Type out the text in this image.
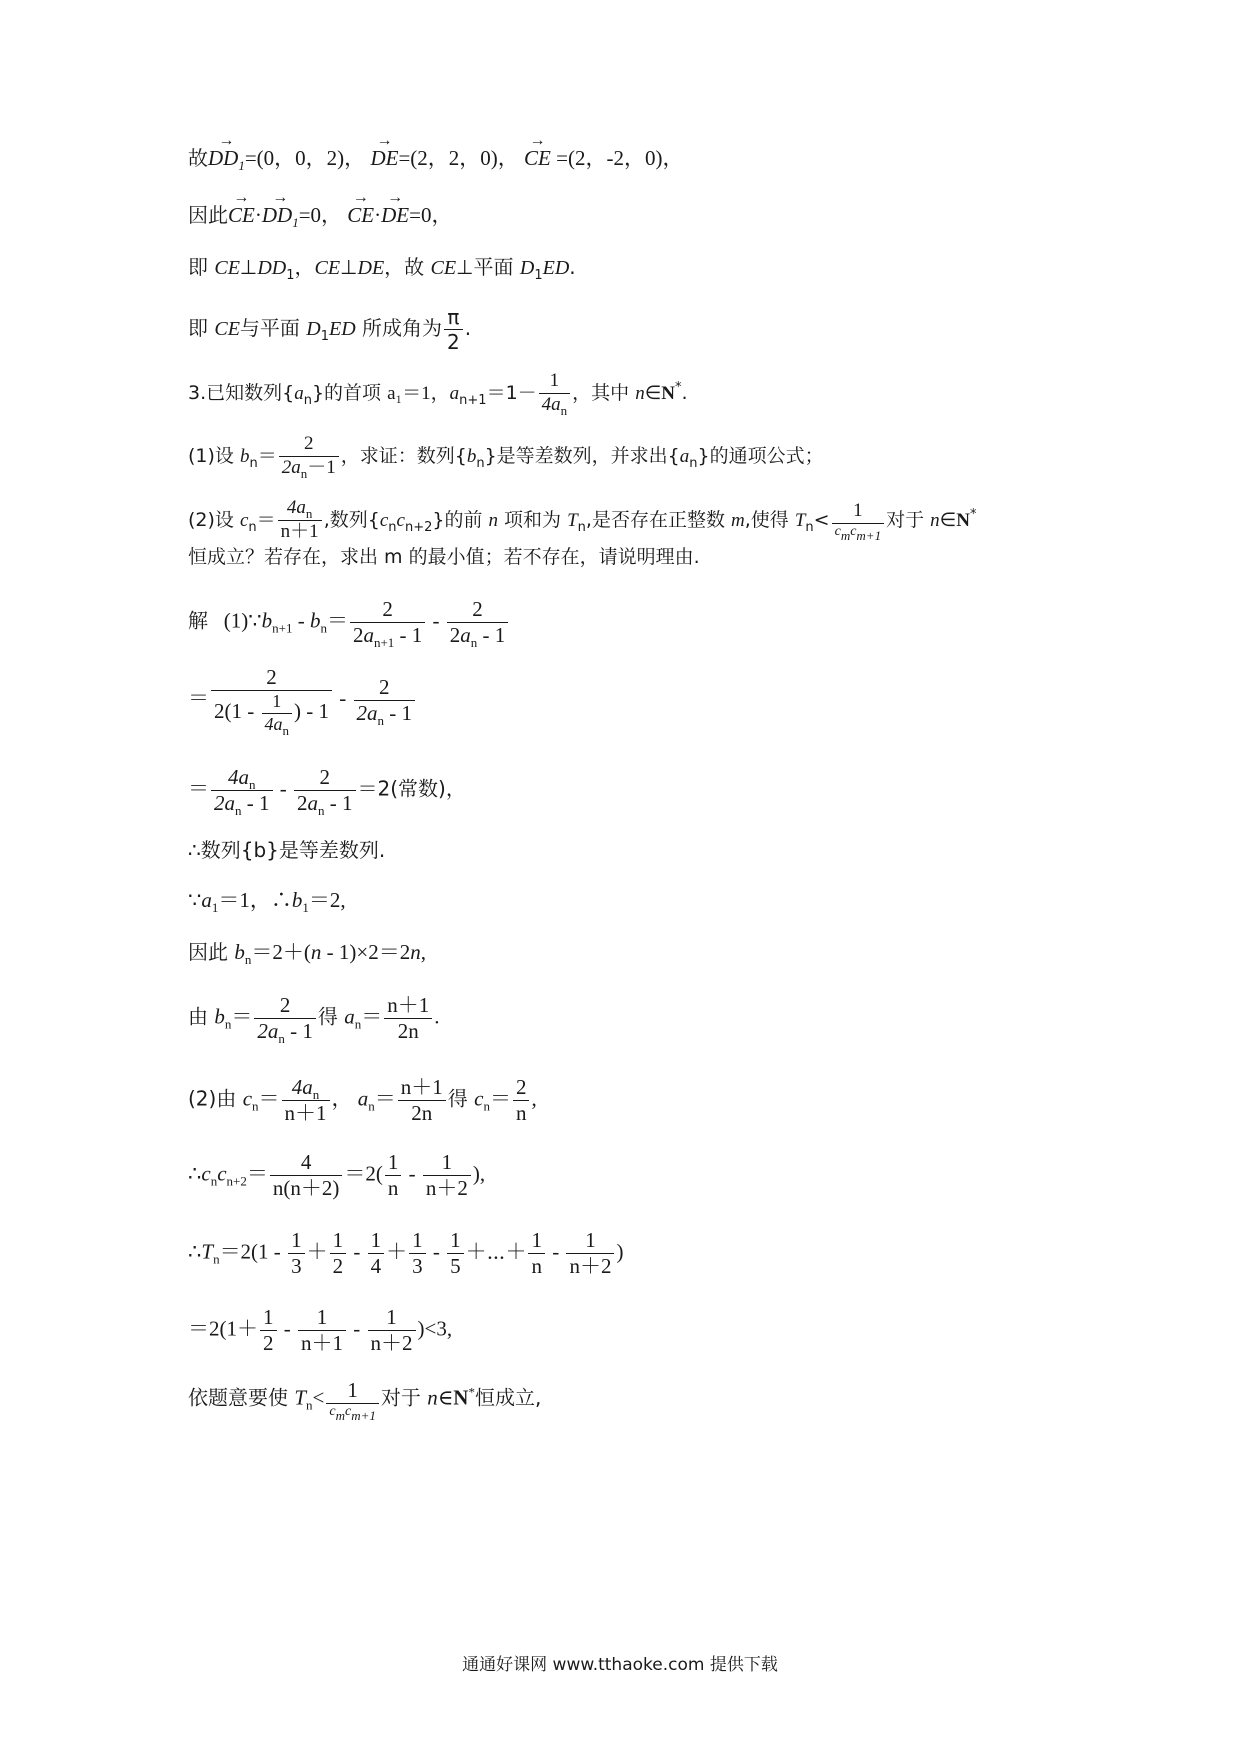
故→ $DD_1=(0$，0，2)， → DE=(2，2，0)， → CE =(2，‐2，0)，
因此→ $CE\cdot\to DD_1=0$， → CE·→ DE=0，
即 $CE\perp DD_1$，CE⊥DE，故 CE⊥平面 $D_1ED$.
即 CE与平面 $D_1ED$ 所成角为 $\frac{\pi}{2}$ .
3.已知数列$\{a_n\}$的首项 a₁＝1，$a_{n+1}=1- \frac{1}{4a_n}$ ，其中 n∈N*.
(1)设 $b_n= \frac{2}{2a_n-1}$ ，求证：数列$\{b_n\}$是等差数列，并求出$\{a_n\}$的通项公式；
(2)设 $c_n= \frac{4a_n}{n+1}$ ,数列$\{c_nc_{n+2}\}$的前 n 项和为 $T_n$,是否存在正整数 m,使得 $T_n< \frac{1}{c_mc_{m+1}}$ 对于 n∈N*
恒成立？若存在，求出 m 的最小值；若不存在，请说明理由.
解 $(1)\because b_{n+1}$ ‐ $b_n= \frac{2}{2a_{n+1} ‐ 1}$ ‐ $\frac{2}{2a_n ‐ 1}$
＝ $\frac{2}{2(1 ‐ \frac{1}{4a_n} ) ‐ 1}$ ‐ $\frac{2}{2a_n ‐ 1}$
＝ $\frac{4a_n}{2a_n ‐ 1}$ ‐ $\frac{2}{2a_n ‐ 1} =2$(常数)，
∴数列{b}是等差数列.
$\because a_1=1$，$\therefore b_1=2$,
因此 $b_n=2+(n$ ‐ 1)×2＝2n,
由 $b_n= \frac{2}{2a_n ‐ 1}$ 得 $a_n= \frac{n+1}{2n}$ .
(2)由 $c_n= \frac{4a_n}{n+1}$ ， $a_n= \frac{n+1}{2n}$ 得 $c_n= \frac{2}{n}$ ,
$\therefore c_nc_{n+2}= \frac{4}{n(n+2)} =2( \frac{1}{n}$ ‐ $\frac{1}{n+2}$ ),
$\therefore T_n=2(1$ ‐ $\frac{1}{3} + \frac{1}{2}$ ‐ $\frac{1}{4} + \frac{1}{3}$ ‐ $\frac{1}{5}$ ＋⋯＋ $\frac{1}{n}$ ‐ $\frac{1}{n+2}$ )
$=2(1+ \frac{1}{2}$ ‐ $\frac{1}{n+1}$ ‐ $\frac{1}{n+2} )<3$,
依题意要使 $T_n< \frac{1}{c_mc_{m+1}}$ 对于 n∈N*恒成立,
通通好课网 www.tthaoke.com 提供下载
